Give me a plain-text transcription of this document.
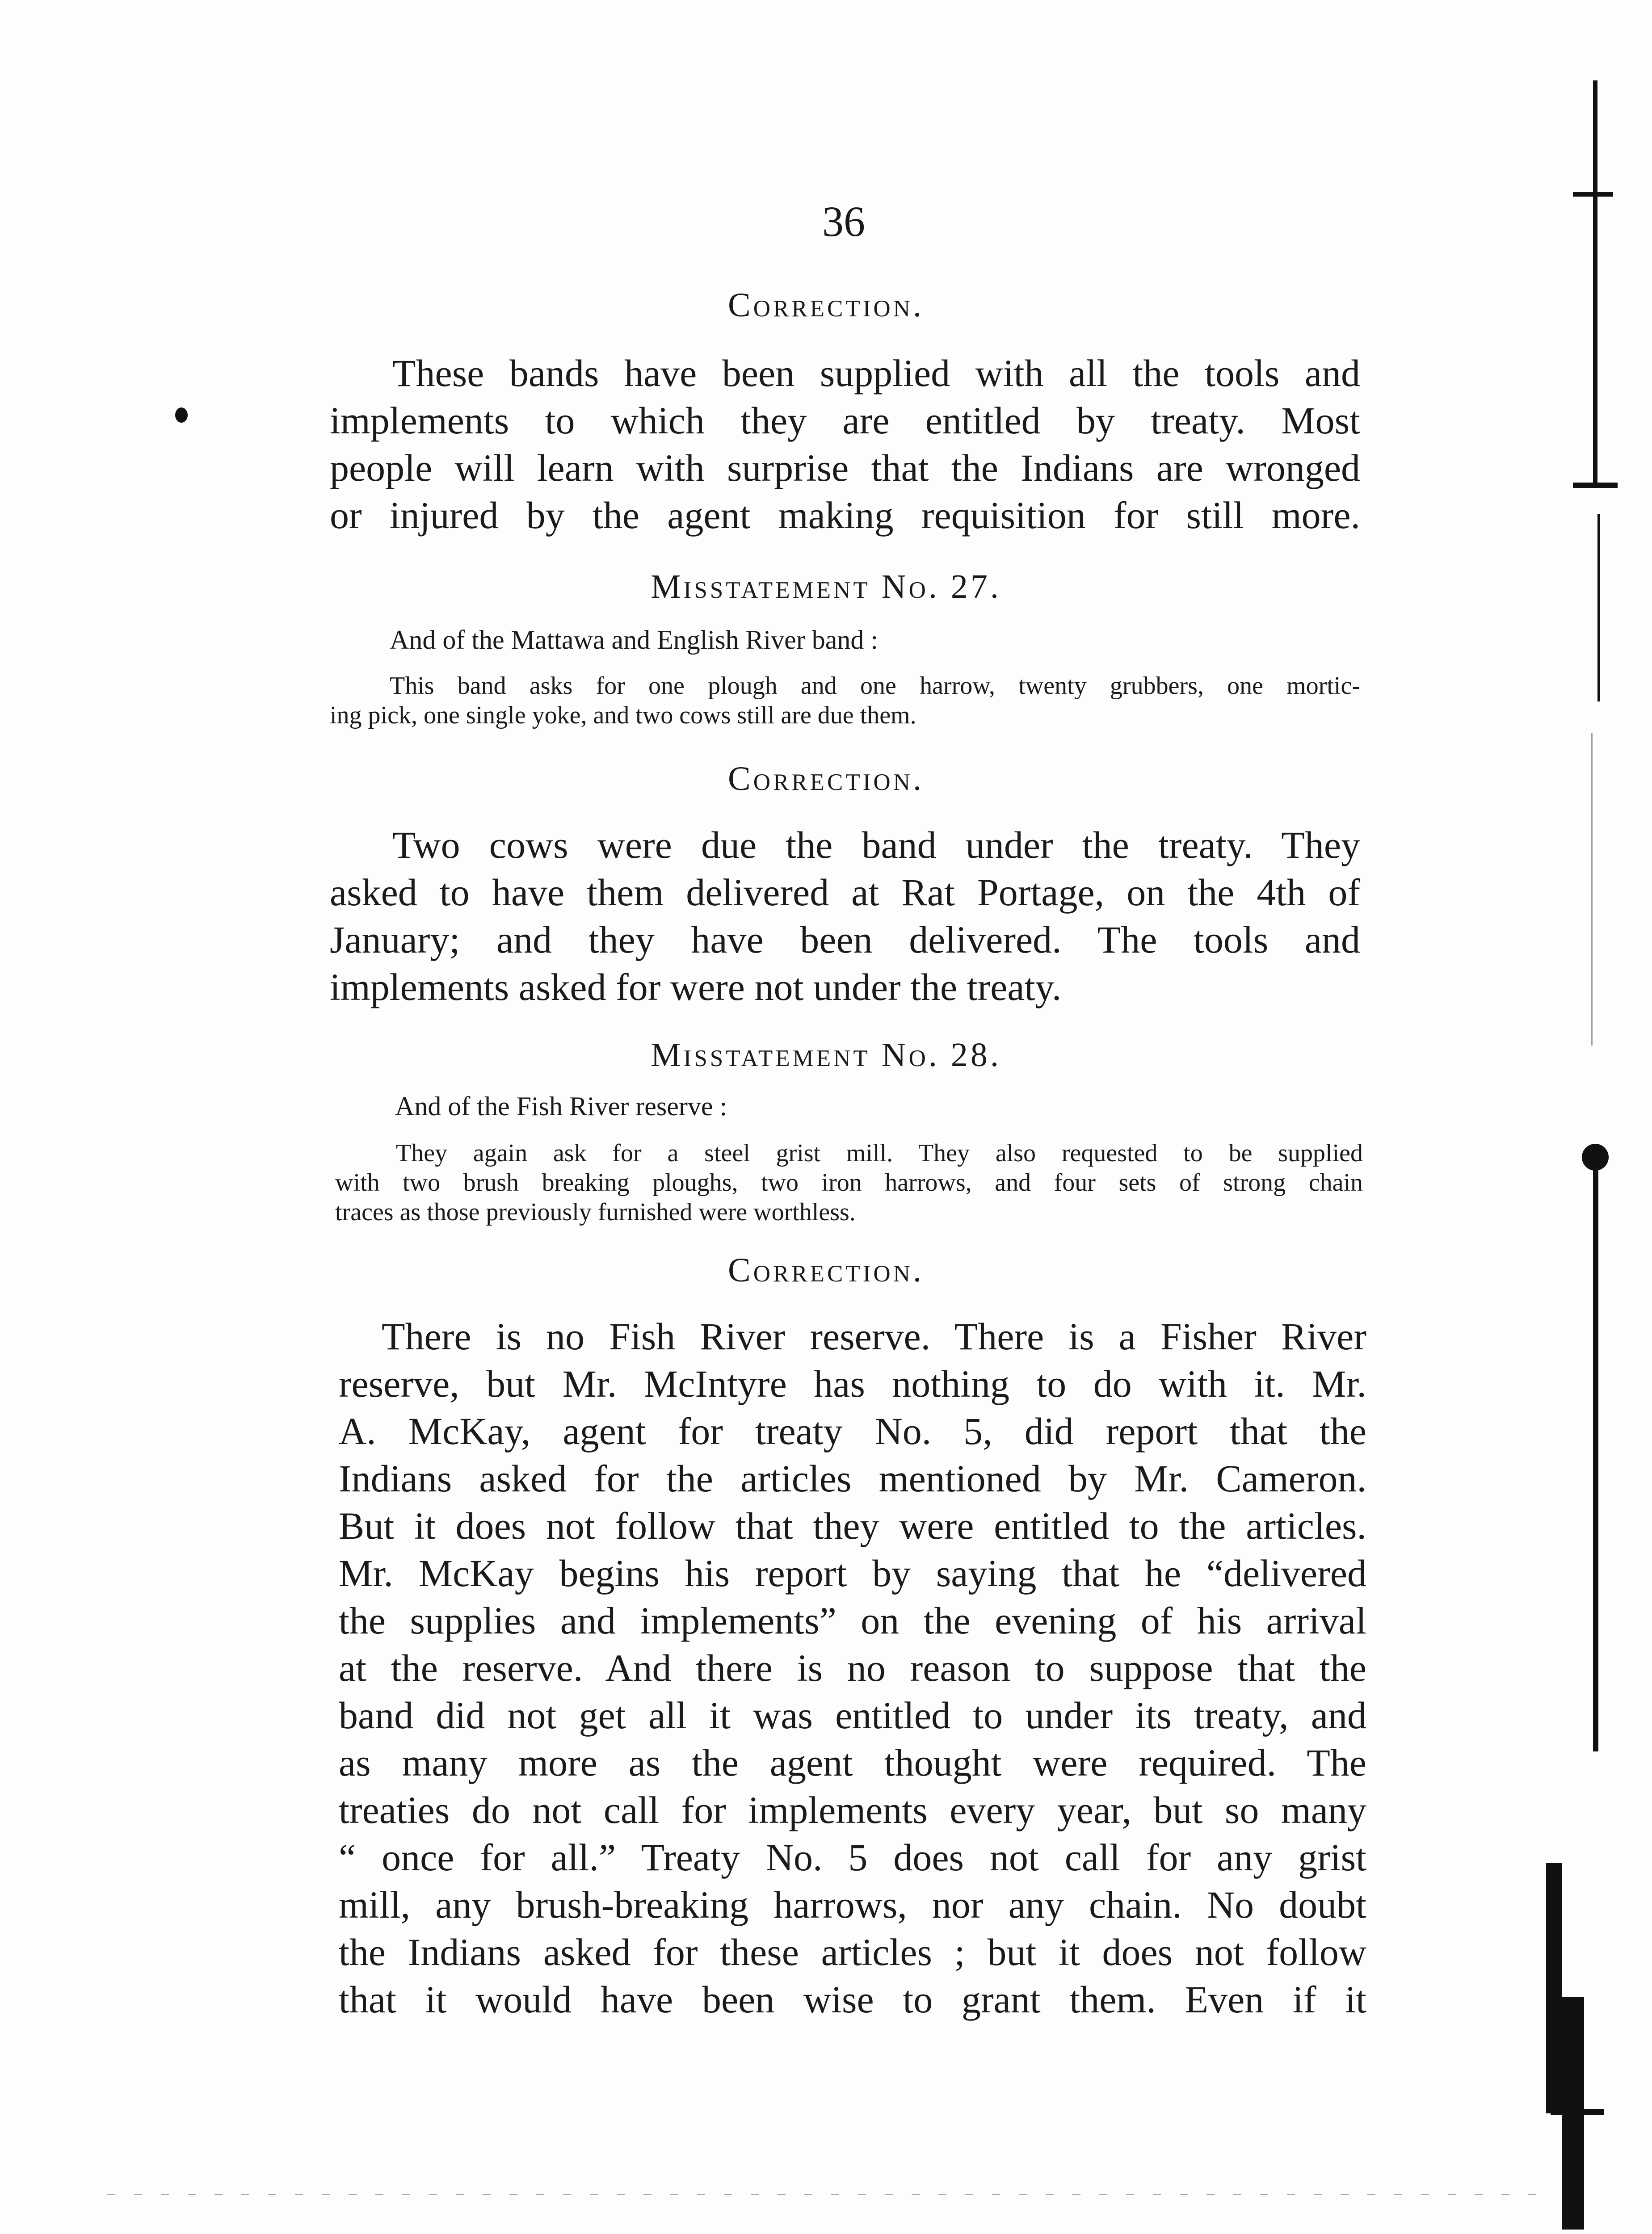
36
Correction.
These bands have been supplied with all the tools and
implements to which they are entitled by treaty. Most
people will learn with surprise that the Indians are wronged
or injured by the agent making requisition for still more.
Misstatement No. 27.
And of the Mattawa and English River band :
This band asks for one plough and one harrow, twenty grubbers, one mortic-
ing pick, one single yoke, and two cows still are due them.
Correction.
Two cows were due the band under the treaty. They
asked to have them delivered at Rat Portage, on the 4th of
January; and they have been delivered. The tools and
implements asked for were not under the treaty.
Misstatement No. 28.
And of the Fish River reserve :
They again ask for a steel grist mill. They also requested to be supplied
with two brush breaking ploughs, two iron harrows, and four sets of strong chain
traces as those previously furnished were worthless.
Correction.
There is no Fish River reserve. There is a Fisher River
reserve, but Mr. McIntyre has nothing to do with it. Mr.
A. McKay, agent for treaty No. 5, did report that the
Indians asked for the articles mentioned by Mr. Cameron.
But it does not follow that they were entitled to the articles.
Mr. McKay begins his report by saying that he “delivered
the supplies and implements” on the evening of his arrival
at the reserve. And there is no reason to suppose that the
band did not get all it was entitled to under its treaty, and
as many more as the agent thought were required. The
treaties do not call for implements every year, but so many
“ once for all.” Treaty No. 5 does not call for any grist
mill, any brush-breaking harrows, nor any chain. No doubt
the Indians asked for these articles ; but it does not follow
that it would have been wise to grant them. Even if it
